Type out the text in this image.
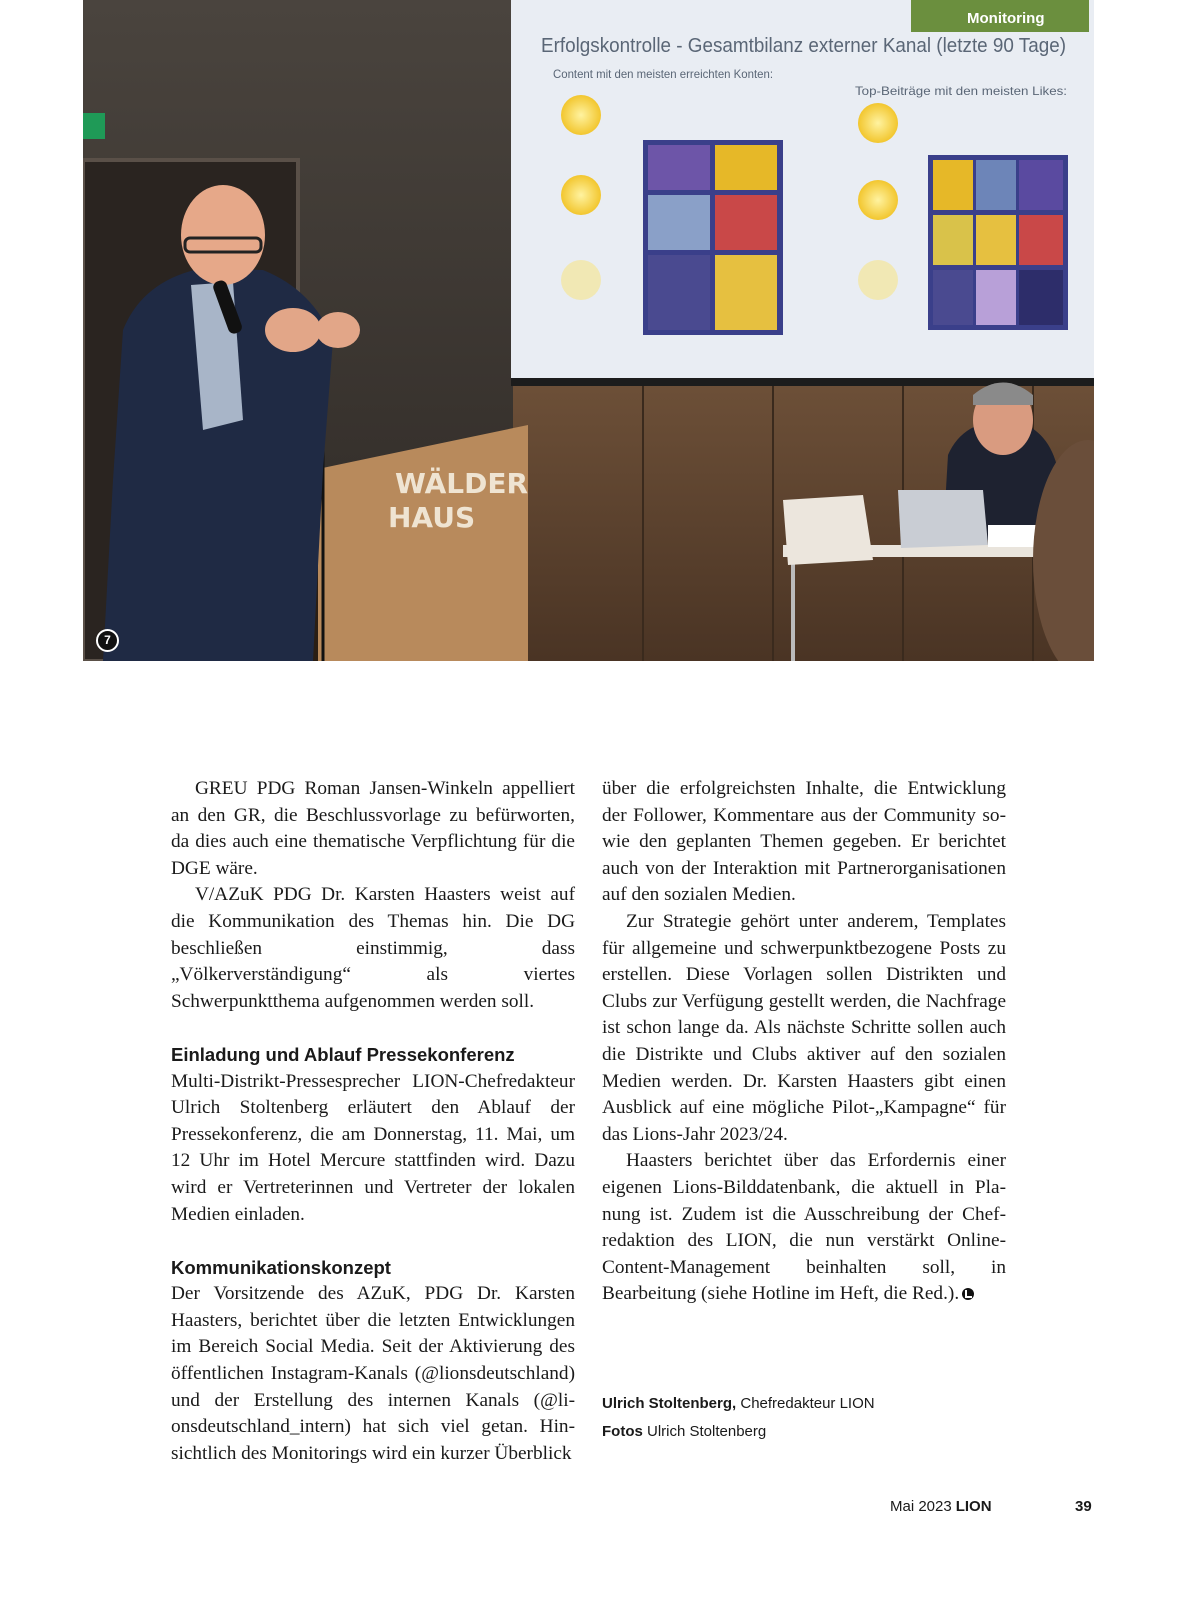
Monitoring
Erfolgskontrolle - Gesamtbilanz externer Kanal (letzte 90 Tage)
Content mit den meisten erreichten Konten:
Top-Beiträge mit den meisten Likes:
WÄLDER
HAUS
7

GREU PDG Roman Jansen-Winkeln appelliert an den GR, die Beschlussvorlage zu befürworten, da dies auch eine thematische Verpflichtung für die DGE wäre.

V/AZuK PDG Dr. Karsten Haasters weist auf die Kommunikation des Themas hin. Die DG beschließen einstimmig, dass „Völkerverständigung“ als viertes Schwerpunktthema aufgenommen werden soll.

Einladung und Ablauf Pressekonferenz

Multi-Distrikt-Pressesprecher LION-Chefredakteur Ulrich Stoltenberg erläutert den Ablauf der Pressekonferenz, die am Donnerstag, 11. Mai, um 12 Uhr im Hotel Mercure stattfinden wird. Dazu wird er Vertreterinnen und Vertreter der lokalen Medien einladen.

Kommunikationskonzept

Der Vorsitzende des AZuK, PDG Dr. Karsten Haasters, berichtet über die letzten Entwicklungen im Bereich Social Media. Seit der Aktivierung des öffentlichen Instagram-Kanals (@lionsdeutschland) und der Erstellung des internen Kanals (@lionsdeutschland_intern) hat sich viel getan. Hinsichtlich des Monitorings wird ein kurzer Überblick

über die erfolgreichsten Inhalte, die Entwicklung der Follower, Kommentare aus der Community sowie den geplanten Themen gegeben. Er berichtet auch von der Interaktion mit Partnerorganisationen auf den sozialen Medien.

Zur Strategie gehört unter anderem, Templates für allgemeine und schwerpunktbezogene Posts zu erstellen. Diese Vorlagen sollen Distrikten und Clubs zur Verfügung gestellt werden, die Nachfrage ist schon lange da. Als nächste Schritte sollen auch die Distrikte und Clubs aktiver auf den sozialen Medien werden. Dr. Karsten Haasters gibt einen Ausblick auf eine mögliche Pilot-„Kampagne“ für das Lions-Jahr 2023/24.

Haasters berichtet über das Erfordernis einer eigenen Lions-Bilddatenbank, die aktuell in Planung ist. Zudem ist die Ausschreibung der Chefredaktion des LION, die nun verstärkt Online-Content-Management beinhalten soll, in Bearbeitung (siehe Hotline im Heft, die Red.).

Ulrich Stoltenberg, Chefredakteur LION
Fotos Ulrich Stoltenberg
Mai 2023 LION	39
